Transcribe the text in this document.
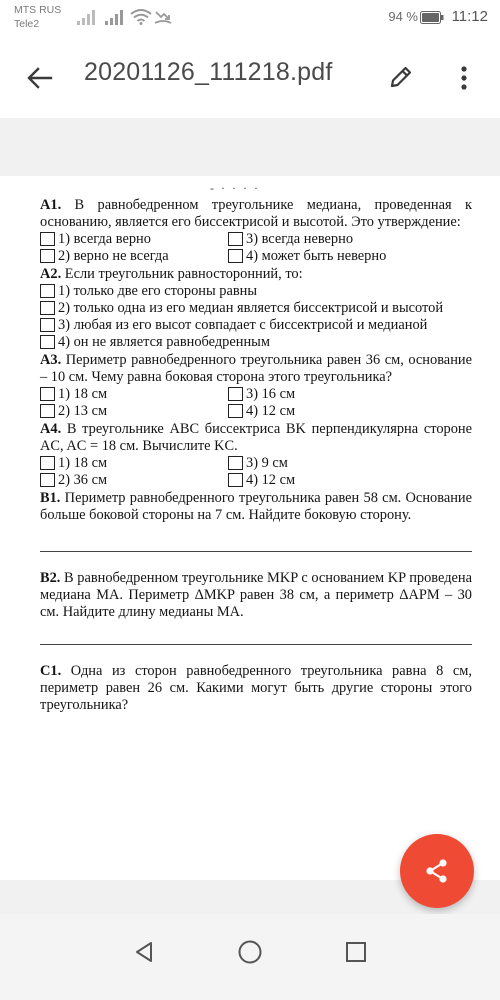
MTS RUS
Tele2	94 % 11:12
20201126_111218.pdf
- · · · ·
А1. В равнобедренном треугольнике медиана, проведенная к основанию, является его биссектрисой и высотой. Это утверждение:
1) всегда верно	3) всегда неверно
2) верно не всегда	4) может быть неверно
А2. Если треугольник равносторонний, то:
1) только две его стороны равны
2) только одна из его медиан является биссектрисой и высотой
3) любая из его высот совпадает с биссектрисой и медианой
4) он не является равнобедренным
А3. Периметр равнобедренного треугольника равен 36 см, основание – 10 см. Чему равна боковая сторона этого треугольника?
1) 18 см	3) 16 см
2) 13 см	4) 12 см
А4. В треугольнике ABC биссектриса BK перпендикулярна стороне AC, AC = 18 см. Вычислите KC.
1) 18 см	3) 9 см
2) 36 см	4) 12 см
В1. Периметр равнобедренного треугольника равен 58 см. Основание больше боковой стороны на 7 см. Найдите боковую сторону.
В2. В равнобедренном треугольнике MKP с основанием KP проведена медиана MA. Периметр ΔMKP равен 38 см, а периметр ΔAPM – 30 см. Найдите длину медианы MA.
С1. Одна из сторон равнобедренного треугольника равна 8 см, периметр равен 26 см. Какими могут быть другие стороны этого треугольника?
